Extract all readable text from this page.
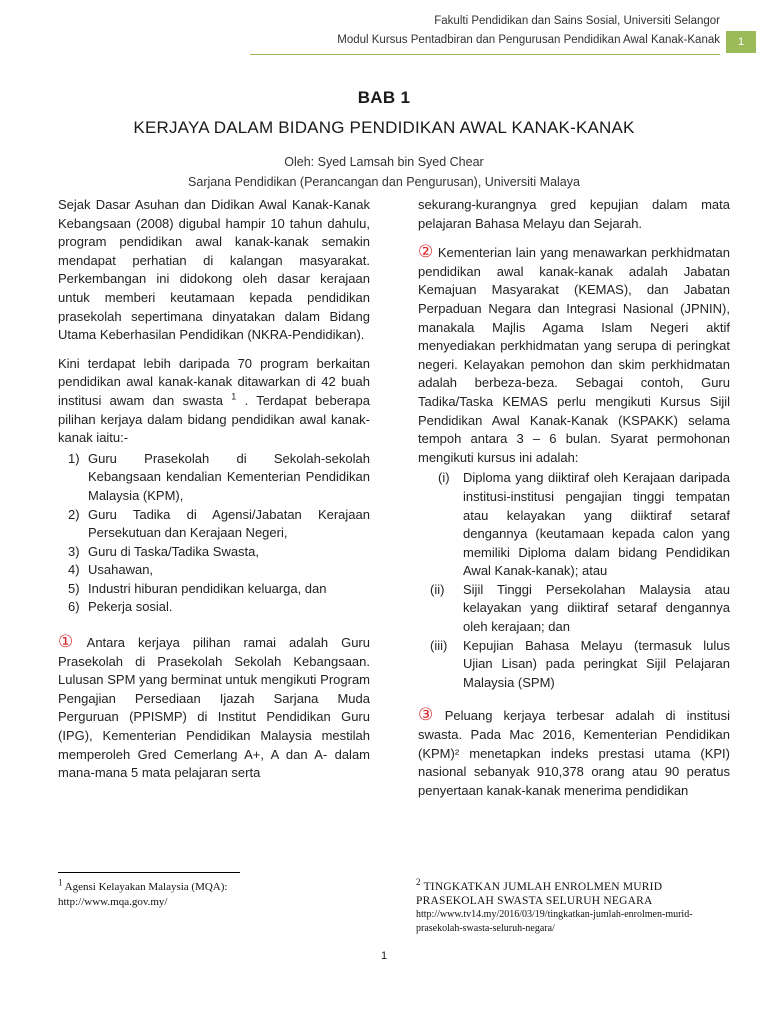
Fakulti Pendidikan dan Sains Sosial, Universiti Selangor
Modul Kursus Pentadbiran dan Pengurusan Pendidikan Awal Kanak-Kanak	1
BAB 1
KERJAYA DALAM BIDANG PENDIDIKAN AWAL KANAK-KANAK
Oleh: Syed Lamsah bin Syed Chear
Sarjana Pendidikan (Perancangan dan Pengurusan), Universiti Malaya

Sejak Dasar Asuhan dan Didikan Awal Kanak-Kanak Kebangsaan (2008) digubal hampir 10 tahun dahulu, program pendidikan awal kanak-kanak semakin mendapat perhatian di kalangan masyarakat. Perkembangan ini didokong oleh dasar kerajaan untuk memberi keutamaan kepada pendidikan prasekolah sepertimana dinyatakan dalam Bidang Utama Keberhasilan Pendidikan (NKRA-Pendidikan).

Kini terdapat lebih daripada 70 program berkaitan pendidikan awal kanak-kanak ditawarkan di 42 buah institusi awam dan swasta $^1$ . Terdapat beberapa pilihan kerjaya dalam bidang pendidikan awal kanak-kanak iaitu:-

1) Guru Prasekolah di Sekolah-sekolah Kebangsaan kendalian Kementerian Pendidikan Malaysia (KPM),
2) Guru Tadika di Agensi/Jabatan Kerajaan Persekutuan dan Kerajaan Negeri,
3) Guru di Taska/Tadika Swasta,
4) Usahawan,
5) Industri hiburan pendidikan keluarga, dan
6) Pekerja sosial.

① Antara kerjaya pilihan ramai adalah Guru Prasekolah di Prasekolah Sekolah Kebangsaan. Lulusan SPM yang berminat untuk mengikuti Program Pengajian Persediaan Ijazah Sarjana Muda Perguruan (PPISMP) di Institut Pendidikan Guru (IPG), Kementerian Pendidikan Malaysia mestilah memperoleh Gred Cemerlang A+, A dan A- dalam mana-mana 5 mata pelajaran serta

sekurang-kurangnya gred kepujian dalam mata pelajaran Bahasa Melayu dan Sejarah.

② Kementerian lain yang menawarkan perkhidmatan pendidikan awal kanak-kanak adalah Jabatan Kemajuan Masyarakat (KEMAS), dan Jabatan Perpaduan Negara dan Integrasi Nasional (JPNIN), manakala Majlis Agama Islam Negeri aktif menyediakan perkhidmatan yang serupa di peringkat negeri. Kelayakan pemohon dan skim perkhidmatan adalah berbeza-beza. Sebagai contoh, Guru Tadika/Taska KEMAS perlu mengikuti Kursus Sijil Pendidikan Awal Kanak-Kanak (KSPAKK) selama tempoh antara 3 – 6 bulan. Syarat permohonan mengikuti kursus ini adalah:

(i) Diploma yang diiktiraf oleh Kerajaan daripada institusi-institusi pengajian tinggi tempatan atau kelayakan yang diiktiraf setaraf dengannya (keutamaan kepada calon yang memiliki Diploma dalam bidang Pendidikan Awal Kanak-kanak); atau
(ii) Sijil Tinggi Persekolahan Malaysia atau kelayakan yang diiktiraf setaraf dengannya oleh kerajaan; dan
(iii) Kepujian Bahasa Melayu (termasuk lulus Ujian Lisan) pada peringkat Sijil Pelajaran Malaysia (SPM)

③ Peluang kerjaya terbesar adalah di institusi swasta. Pada Mac 2016, Kementerian Pendidikan (KPM)² menetapkan indeks prestasi utama (KPI) nasional sebanyak 910,378 orang atau 90 peratus penyertaan kanak-kanak menerima pendidikan

$^1$ Agensi Kelayakan Malaysia (MQA):
http://www.mqa.gov.my/
$^2$ TINGKATKAN JUMLAH ENROLMEN MURID PRASEKOLAH SWASTA SELURUH NEGARA
http://www.tv14.my/2016/03/19/tingkatkan-jumlah-enrolmen-murid-prasekolah-swasta-seluruh-negara/
1
